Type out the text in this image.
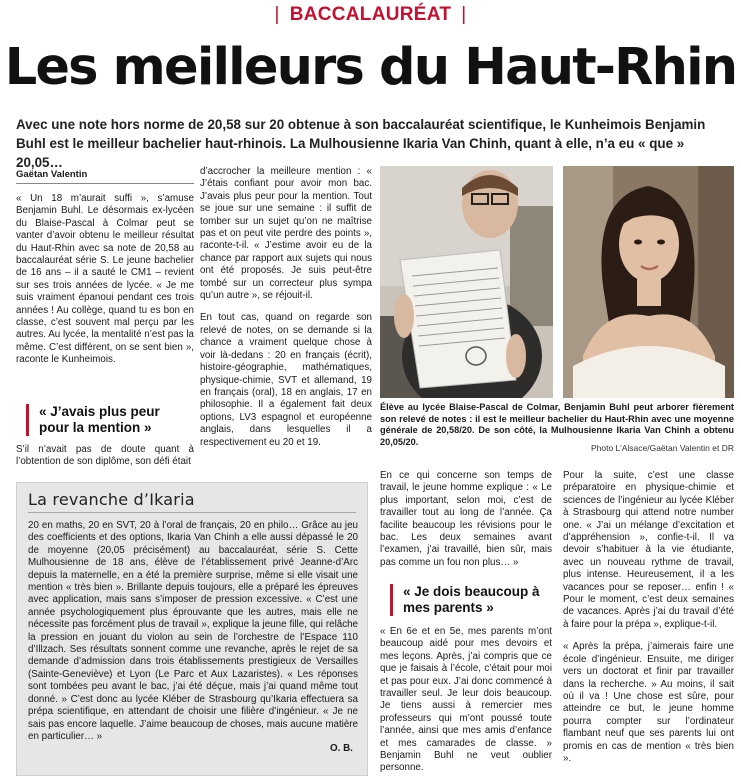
| BACCALAURÉAT |
Les meilleurs du Haut-Rhin

Avec une note hors norme de 20,58 sur 20 obtenue à son baccalauréat scientifique, le Kunheimois Benjamin Buhl est le meilleur bachelier haut-rhinois. La Mulhousienne Ikaria Van Chinh, quant à elle, n’a eu « que » 20,05…

Gaëtan Valentin

« Un 18 m’aurait suffi », s’amuse Benjamin Buhl. Le désormais ex-lycéen du Blaise-Pascal à Colmar peut se vanter d’avoir obtenu le meilleur résultat du Haut-Rhin avec sa note de 20,58 au baccalauréat série S. Le jeune bachelier de 16 ans – il a sauté le CM1 – revient sur ses trois années de lycée. « Je me suis vraiment épanoui pendant ces trois années ! Au collège, quand tu es bon en classe, c’est souvent mal perçu par les autres. Au lycée, la mentalité n’est pas la même. C’est différent, on se sent bien », raconte le Kunheimois.

« J’avais plus peur pour la mention »

S’il n’avait pas de doute quant à l’obtention de son diplôme, son défi était

d’accrocher la meilleure mention : « J’étais confiant pour avoir mon bac. J’avais plus peur pour la mention. Tout se joue sur une semaine : il suffit de tomber sur un sujet qu’on ne maîtrise pas et on peut vite perdre des points », raconte-t-il. « J’estime avoir eu de la chance par rapport aux sujets qui nous ont été proposés. Je suis peut-être tombé sur un correcteur plus sympa qu’un autre », se réjouit-il.

En tout cas, quand on regarde son relevé de notes, on se demande si la chance a vraiment quelque chose à voir là-dedans : 20 en français (écrit), histoire-géographie, mathématiques, physique-chimie, SVT et allemand, 19 en français (oral), 18 en anglais, 17 en philosophie. Il a également fait deux options, LV3 espagnol et européenne anglais, dans lesquelles il a respectivement eu 20 et 19.

Élève au lycée Blaise-Pascal de Colmar, Benjamin Buhl peut arborer fièrement son relevé de notes : il est le meilleur bachelier du Haut-Rhin avec une moyenne générale de 20,58/20. De son côté, la Mulhousienne Ikaria Van Chinh a obtenu 20,05/20.
Photo L’Alsace/Gaëtan Valentin et DR
La revanche d’Ikaria
20 en maths, 20 en SVT, 20 à l’oral de français, 20 en philo… Grâce au jeu des coefficients et des options, Ikaria Van Chinh a elle aussi dépassé le 20 de moyenne (20,05 précisément) au baccalauréat, série S. Cette Mulhousienne de 18 ans, élève de l’établissement privé Jeanne-d’Arc depuis la maternelle, en a été la première surprise, même si elle visait une mention « très bien ». Brillante depuis toujours, elle a préparé les épreuves avec application, mais sans s’imposer de pression excessive. « C’est une année psychologiquement plus éprouvante que les autres, mais elle ne nécessite pas forcément plus de travail », explique la jeune fille, qui relâche la pression en jouant du violon au sein de l’orchestre de l’Espace 110 d’Illzach. Ses résultats sonnent comme une revanche, après le rejet de sa demande d’admission dans trois établissements prestigieux de Versailles (Sainte-Geneviève) et Lyon (Le Parc et Aux Lazaristes). « Les réponses sont tombées peu avant le bac, j’ai été déçue, mais j’ai quand même tout donné. » C’est donc au lycée Kléber de Strasbourg qu’Ikaria effectuera sa prépa scientifique, en attendant de choisir une filière d’ingénieur. « Je ne sais pas encore laquelle. J’aime beaucoup de choses, mais aucune matière en particulier… »
O. B.

En ce qui concerne son temps de travail, le jeune homme explique : « Le plus important, selon moi, c’est de travailler tout au long de l’année. Ça facilite beaucoup les révisions pour le bac. Les deux semaines avant l’examen, j’ai travaillé, bien sûr, mais pas comme un fou non plus… »

« Je dois beaucoup à mes parents »

« En 6e et en 5e, mes parents m’ont beaucoup aidé pour mes devoirs et mes leçons. Après, j’ai compris que ce que je faisais à l’école, c’était pour moi et pas pour eux. J’ai donc commencé à travailler seul. Je leur dois beaucoup. Je tiens aussi à remercier mes professeurs qui m’ont poussé toute l’année, ainsi que mes amis d’enfance et mes camarades de classe. » Benjamin Buhl ne veut oublier personne.

Pour la suite, c’est une classe préparatoire en physique-chimie et sciences de l’ingénieur au lycée Kléber à Strasbourg qui attend notre number one. « J’ai un mélange d’excitation et d’appréhension », confie-t-il. Il va devoir s’habituer à la vie étudiante, avec un nouveau rythme de travail, plus intense. Heureusement, il a les vacances pour se reposer… enfin ! « Pour le moment, c’est deux semaines de vacances. Après j’ai du travail d’été à faire pour la prépa », explique-t-il.

« Après la prépa, j’aimerais faire une école d’ingénieur. Ensuite, me diriger vers un doctorat et finir par travailler dans la recherche. » Au moins, il sait où il va ! Une chose est sûre, pour atteindre ce but, le jeune homme pourra compter sur l’ordinateur flambant neuf que ses parents lui ont promis en cas de mention « très bien ».
